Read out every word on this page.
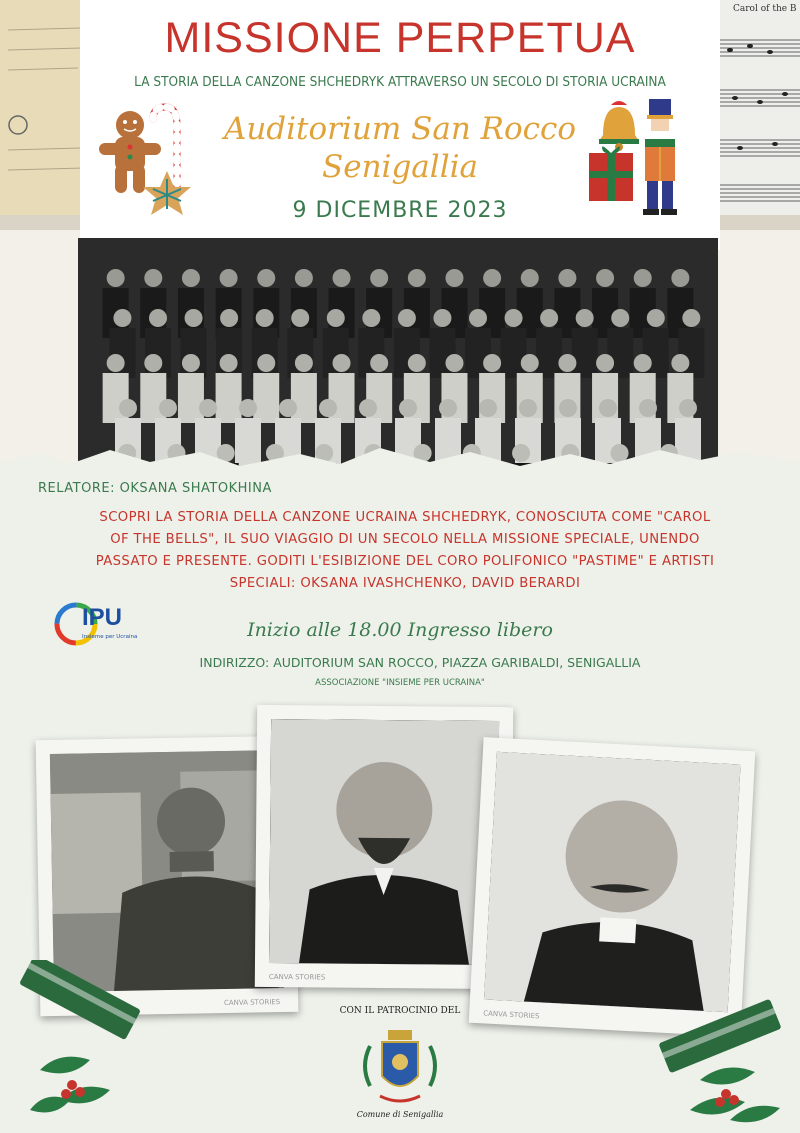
Carol of the B
MISSIONE PERPETUA
LA STORIA DELLA CANZONE SHCHEDRYK ATTRAVERSO UN SECOLO DI STORIA UCRAINA
Auditorium San Rocco
Senigallia
9 DICEMBRE 2023
RELATORE: OKSANA SHATOKHINA
SCOPRI LA STORIA DELLA CANZONE UCRAINA SHCHEDRYK, CONOSCIUTA COME "CAROL
OF THE BELLS", IL SUO VIAGGIO DI UN SECOLO NELLA MISSIONE SPECIALE, UNENDO
PASSATO E PRESENTE. GODITI L'ESIBIZIONE DEL CORO POLIFONICO "PASTIME" E ARTISTI
SPECIALI: OKSANA IVASHCHENKO, DAVID BERARDI
IPU
Insieme per Ucraina	Inizio alle 18.00 Ingresso libero
INDIRIZZO: AUDITORIUM SAN ROCCO, PIAZZA GARIBALDI, SENIGALLIA
ASSOCIAZIONE "INSIEME PER UCRAINA"
CANVA STORIES
CANVA STORIES
CANVA STORIES
CON IL PATROCINIO DEL
Comune di Senigallia
